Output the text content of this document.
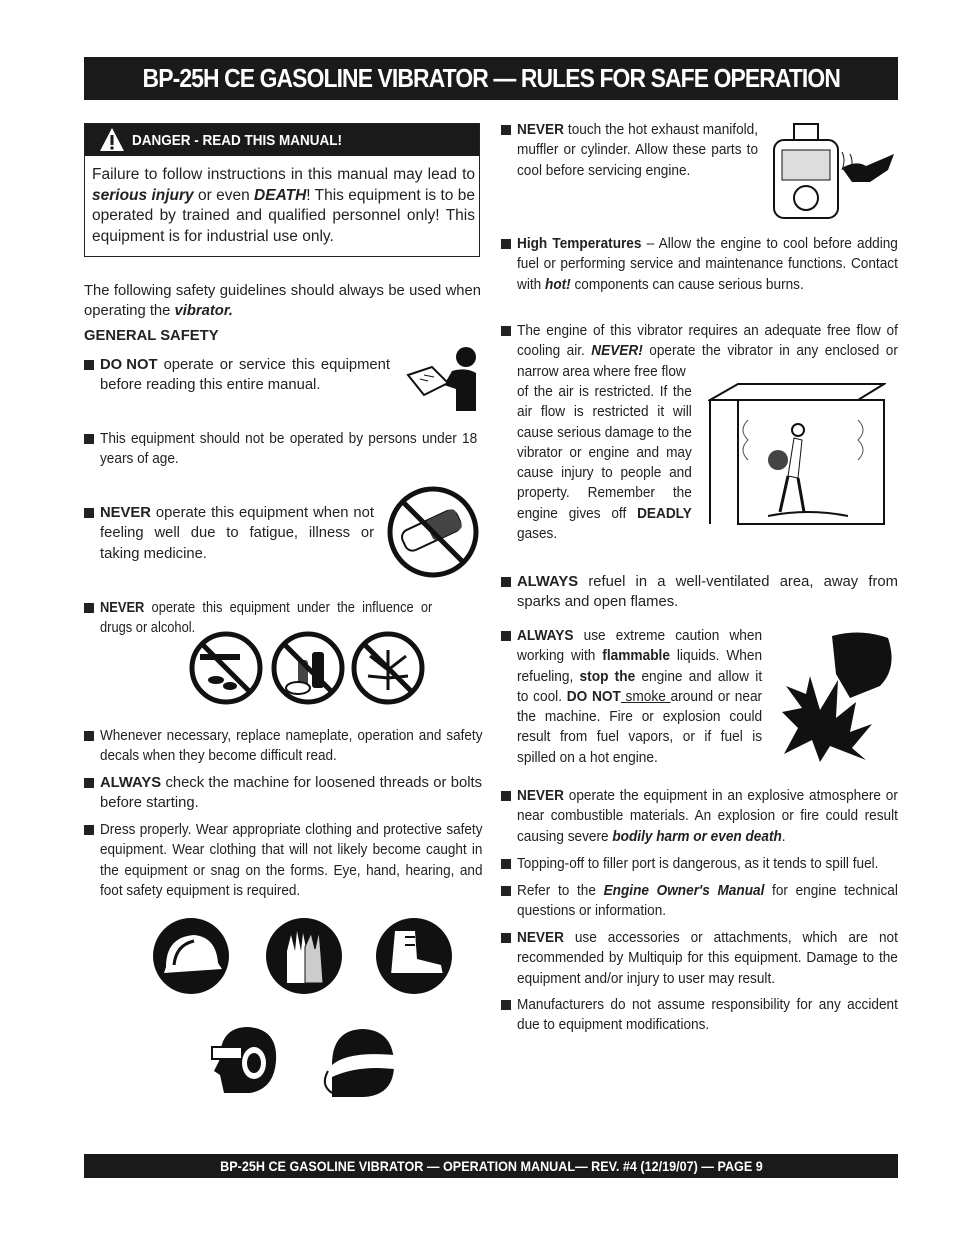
BP-25H CE GASOLINE VIBRATOR — RULES FOR SAFE OPERATION
DANGER - READ THIS MANUAL!
Failure to follow instructions in this manual may lead to serious injury or even DEATH! This equipment is to be operated by trained and qualified personnel only! This equipment is for industrial use only.
The following safety guidelines should always be used when operating the vibrator.
GENERAL SAFETY
DO NOT operate or service this equipment before reading this entire manual.
This equipment should not be operated by persons under 18 years of age.
NEVER operate this equipment when not feeling well due to fatigue, illness or taking medicine.
NEVER operate this equipment under the influence or drugs or alcohol.
Whenever necessary, replace nameplate, operation and safety decals when they become difficult read.
ALWAYS check the machine for loosened threads or bolts before starting.
Dress properly. Wear appropriate clothing and protective safety equipment. Wear clothing that will not likely become caught in the equipment or snag on the forms. Eye, hand, hearing, and foot safety equipment is required.
NEVER touch the hot exhaust manifold, muffler or cylinder. Allow these parts to cool before servicing engine.
High Temperatures – Allow the engine to cool before adding fuel or performing service and maintenance functions. Contact with hot! components can cause serious burns.
The engine of this vibrator requires an adequate free flow of cooling air. NEVER! operate the vibrator in any enclosed or narrow area where free flow
of the air is restricted. If the air flow is restricted it will cause serious damage to the vibrator or engine and may cause injury to people and property. Remember the engine gives off DEADLY gases.
ALWAYS refuel in a well-ventilated area, away from sparks and open flames.
ALWAYS use extreme caution when working with flammable liquids. When refueling, stop the engine and allow it to cool. DO NOT smoke around or near the machine. Fire or explosion could result from fuel vapors, or if fuel is spilled on a hot engine.
NEVER operate the equipment in an explosive atmosphere or near combustible materials. An explosion or fire could result causing severe bodily harm or even death.
Topping-off to filler port is dangerous, as it tends to spill fuel.
Refer to the Engine Owner's Manual for engine technical questions or information.
NEVER use accessories or attachments, which are not recommended by Multiquip for this equipment. Damage to the equipment and/or injury to user may result.
Manufacturers do not assume responsibility for any accident due to equipment modifications.
BP-25H CE GASOLINE VIBRATOR — OPERATION MANUAL— REV. #4 (12/19/07) — PAGE 9
